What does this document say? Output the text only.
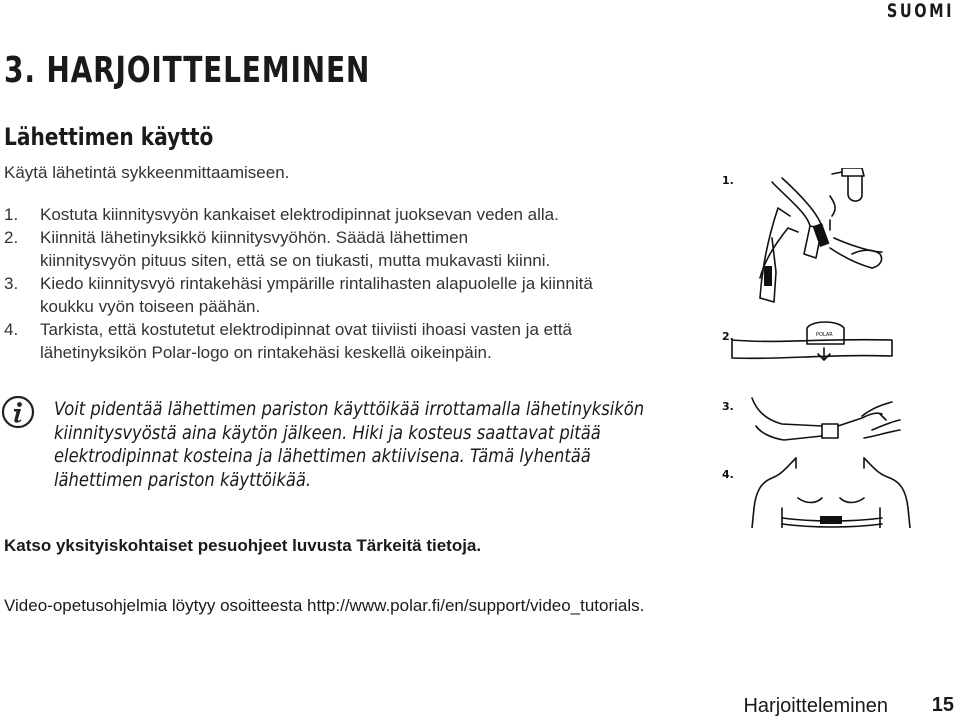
SUOMI
3. HARJOITTELEMINEN
Lähettimen käyttö
Käytä lähetintä sykkeenmittaamiseen.
1.	Kostuta kiinnitysvyön kankaiset elektrodipinnat juoksevan veden alla.
2.	Kiinnitä lähetinyksikkö kiinnitysvyöhön. Säädä lähettimen kiinnitysvyön pituus siten, että se on tiukasti, mutta mukavasti kiinni.
3.	Kiedo kiinnitysvyö rintakehäsi ympärille rintalihasten alapuolelle ja kiinnitä koukku vyön toiseen päähän.
4.	Tarkista, että kostutetut elektrodipinnat ovat tiiviisti ihoasi vasten ja että lähetinyksikön Polar-logo on rintakehäsi keskellä oikeinpäin.
Voit pidentää lähettimen pariston käyttöikää irrottamalla lähetinyksikön kiinnitysvyöstä aina käytön jälkeen. Hiki ja kosteus saattavat pitää elektrodipinnat kosteina ja lähettimen aktiivisena. Tämä lyhentää lähettimen pariston käyttöikää.
Katso yksityiskohtaiset pesuohjeet luvusta Tärkeitä tietoja.
Video-opetusohjelmia löytyy osoitteesta http://www.polar.fi/en/support/video_tutorials.
POLAR
1.
2.
3.
4.
Harjoitteleminen 15
